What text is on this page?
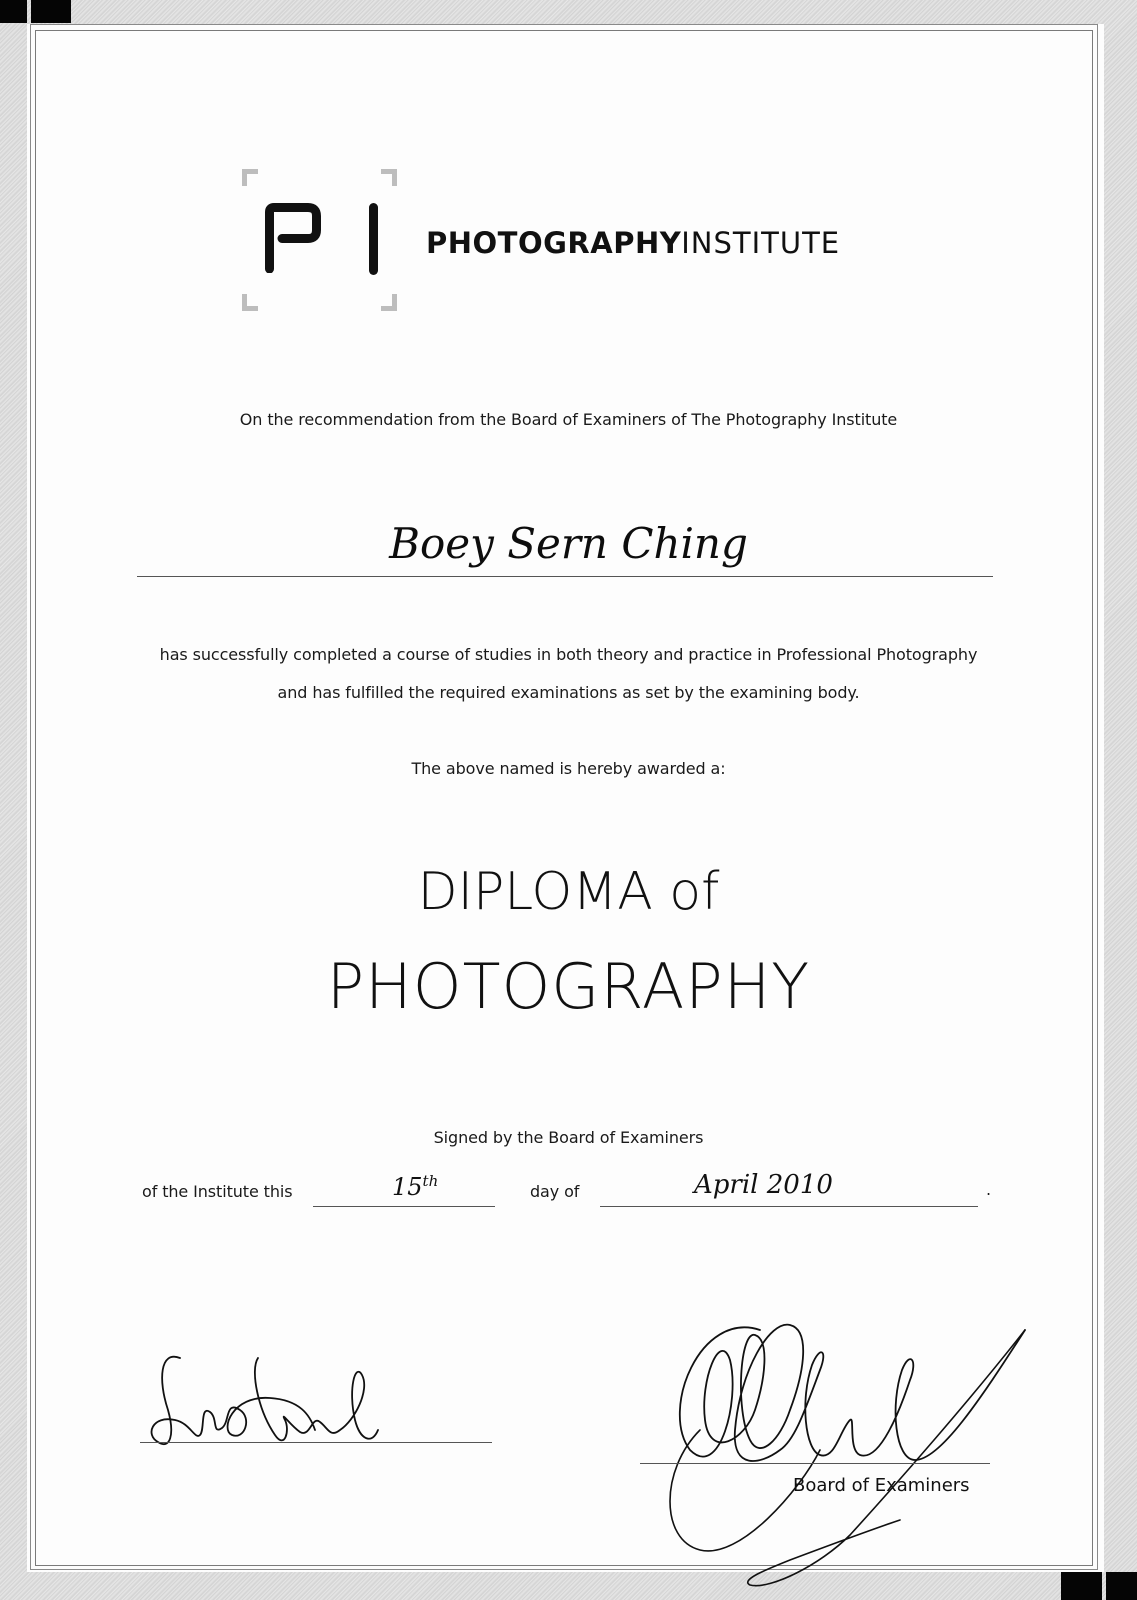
PHOTOGRAPHYINSTITUTE
On the recommendation from the Board of Examiners of The Photography Institute
Boey Sern Ching
has successfully completed a course of studies in both theory and practice in Professional Photography
and has fulfilled the required examinations as set by the examining body.
The above named is hereby awarded a:
DIPLOMA of
PHOTOGRAPHY
Signed by the Board of Examiners
of the Institute this	15th
day of	April 2010	.
Board of Examiners
